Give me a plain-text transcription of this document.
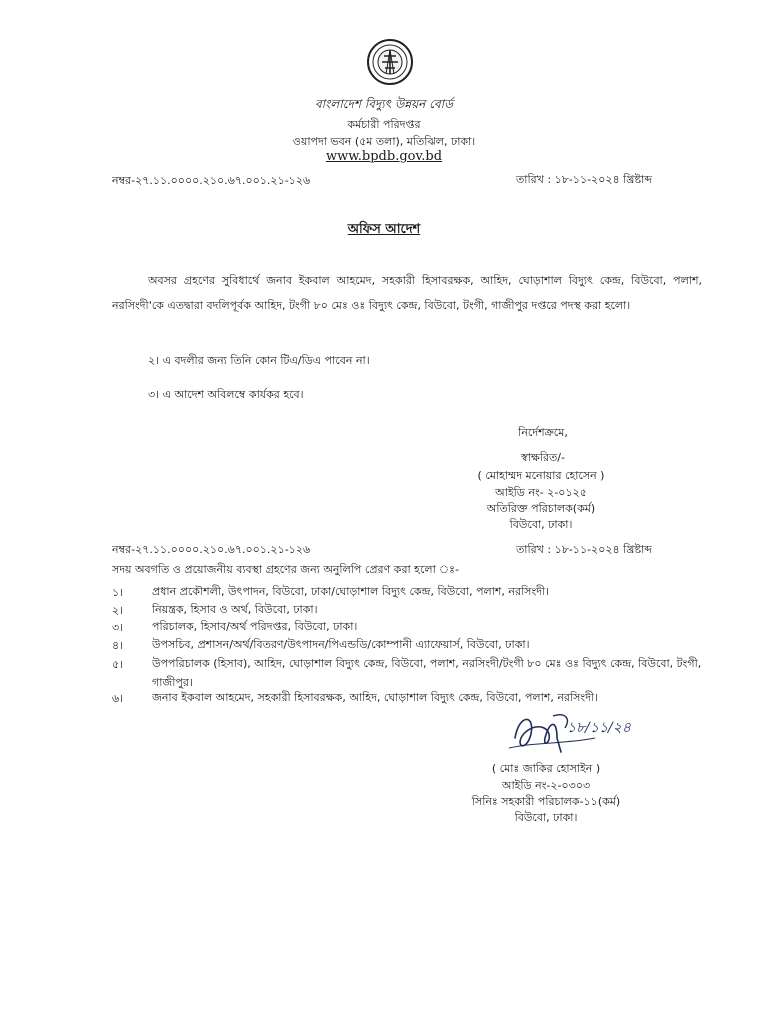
বাংলাদেশ বিদ্যুৎ উন্নয়ন বোর্ড
কর্মচারী পরিদপ্তর
ওয়াপদা ভবন (৫ম তলা), মতিঝিল, ঢাকা।
www.bpdb.gov.bd
নম্বর-২৭.১১.০০০০.২১০.৬৭.০০১.২১-১২৬	তারিখ : ১৮-১১-২০২৪ খ্রিষ্টাব্দ
অফিস আদেশ
অবসর গ্রহণের সুবিধার্থে জনাব ইকবাল আহমেদ, সহকারী হিসাবরক্ষক, আহিদ, ঘোড়াশাল বিদ্যুৎ কেন্দ্র, বিউবো, পলাশ, নরসিংদী'কে এতদ্বারা বদলিপূর্বক আহিদ, টংগী ৮০ মেঃ ওঃ বিদ্যুৎ কেন্দ্র, বিউবো, টংগী, গাজীপুর দপ্তরে পদস্থ করা হলো।
২। এ বদলীর জন্য তিনি কোন টিএ/ডিএ পাবেন না।
৩। এ আদেশ অবিলম্বে কার্যকর হবে।
নির্দেশক্রমে,
স্বাক্ষরিত/-
( মোহাম্মদ মনোয়ার হোসেন )
আইডি নং- ২-০১২৫
অতিরিক্ত পরিচালক(কর্ম)
বিউবো, ঢাকা।
নম্বর-২৭.১১.০০০০.২১০.৬৭.০০১.২১-১২৬	তারিখ : ১৮-১১-২০২৪ খ্রিষ্টাব্দ
সদয় অবগতি ও প্রয়োজনীয় ব্যবস্থা গ্রহণের জন্য অনুলিপি প্রেরণ করা হলো ঃ-
১।	প্রধান প্রকৌশলী, উৎপাদন, বিউবো, ঢাকা/ঘোড়াশাল বিদ্যুৎ কেন্দ্র, বিউবো, পলাশ, নরসিংদী।
২।	নিয়ন্ত্রক, হিসাব ও অর্থ, বিউবো, ঢাকা।
৩।	পরিচালক, হিসাব/অর্থ পরিদপ্তর, বিউবো, ঢাকা।
৪।	উপসচিব, প্রশাসন/অর্থ/বিতরণ/উৎপাদন/পিএন্ডডি/কোম্পানী এ্যাফেয়ার্স, বিউবো, ঢাকা।
৫।	উপপরিচালক (হিসাব), আহিদ, ঘোড়াশাল বিদ্যুৎ কেন্দ্র, বিউবো, পলাশ, নরসিংদী/টংগী ৮০ মেঃ ওঃ বিদ্যুৎ কেন্দ্র, বিউবো, টংগী, গাজীপুর।
৬।	জনাব ইকবাল আহমেদ, সহকারী হিসাবরক্ষক, আহিদ, ঘোড়াশাল বিদ্যুৎ কেন্দ্র, বিউবো, পলাশ, নরসিংদী।
১৮/১১/২৪
( মোঃ জাকির হোসাইন )
আইডি নং-২-০৩০৩
সিনিঃ সহকারী পরিচালক-১১(কর্ম)
বিউবো, ঢাকা।
